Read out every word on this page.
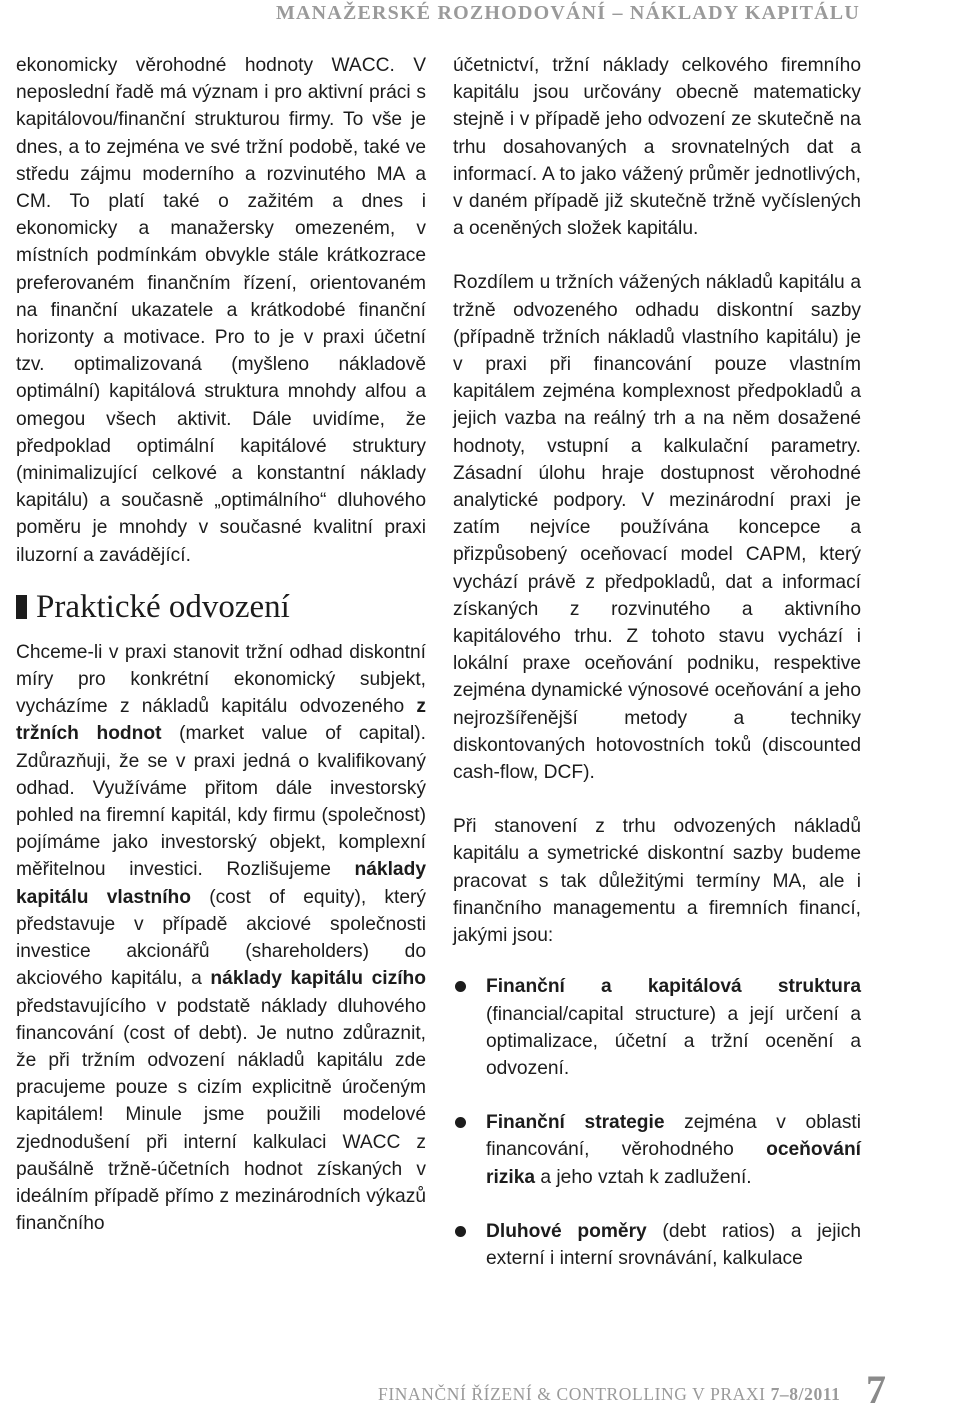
MANAŽERSKÉ ROZHODOVÁNÍ – NÁKLADY KAPITÁLU

ekonomicky věrohodné hodnoty WACC. V neposlední řadě má význam i pro aktivní práci s kapitálovou/finanční strukturou firmy. To vše je dnes, a to zejména ve své tržní podobě, také ve středu zájmu moderního a rozvinutého MA a CM. To platí také o zažitém a dnes i ekonomicky a manažersky omezeném, v místních podmínkám obvykle stále krátkozrace preferovaném finančním řízení, orientovaném na finanční ukazatele a krátkodobé finanční horizonty a motivace. Pro to je v praxi účetní tzv. optimalizovaná (myšleno nákladově optimální) kapitálová struktura mnohdy alfou a omegou všech aktivit. Dále uvidíme, že předpoklad optimální kapitálové struktury (minimalizující celkové a konstantní náklady kapitálu) a současně „optimálního“ dluhového poměru je mnohdy v současné kvalitní praxi iluzorní a zavádějící.

Praktické odvození

Chceme-li v praxi stanovit tržní odhad diskontní míry pro konkrétní ekonomický subjekt, vycházíme z nákladů kapitálu odvozeného z tržních hodnot (market value of capital). Zdůrazňuji, že se v praxi jedná o kvalifikovaný odhad. Využíváme přitom dále investorský pohled na firemní kapitál, kdy firmu (společnost) pojímáme jako investorský objekt, komplexní měřitelnou investici. Rozlišujeme náklady kapitálu vlastního (cost of equity), který představuje v případě akciové společnosti investice akcionářů (shareholders) do akciového kapitálu, a náklady kapitálu cizího představujícího v podstatě náklady dluhového financování (cost of debt). Je nutno zdůraznit, že při tržním odvození nákladů kapitálu zde pracujeme pouze s cizím explicitně úročeným kapitálem! Minule jsme použili modelové zjednodušení při interní kalkulaci WACC z paušálně tržně-účetních hodnot získaných v ideálním případě přímo z mezinárodních výkazů finančního

účetnictví, tržní náklady celkového firemního kapitálu jsou určovány obecně matematicky stejně i v případě jeho odvození ze skutečně na trhu dosahovaných a srovnatelných dat a informací. A to jako vážený průměr jednotlivých, v daném případě již skutečně tržně vyčíslených a oceněných složek kapitálu.

Rozdílem u tržních vážených nákladů kapitálu a tržně odvozeného odhadu diskontní sazby (případně tržních nákladů vlastního kapitálu) je v praxi při financování pouze vlastním kapitálem zejména komplexnost předpokladů a jejich vazba na reálný trh a na něm dosažené hodnoty, vstupní a kalkulační parametry. Zásadní úlohu hraje dostupnost věrohodné analytické podpory. V mezinárodní praxi je zatím nejvíce používána koncepce a přizpůsobený oceňovací model CAPM, který vychází právě z předpokladů, dat a informací získaných z rozvinutého a aktivního kapitálového trhu. Z tohoto stavu vychází i lokální praxe oceňování podniku, respektive zejména dynamické výnosové oceňování a jeho nejrozšířenější metody a techniky diskontovaných hotovostních toků (discounted cash-flow, DCF).

Při stanovení z trhu odvozených nákladů kapitálu a symetrické diskontní sazby budeme pracovat s tak důležitými termíny MA, ale i finančního managementu a firemních financí, jakými jsou:

Finanční a kapitálová struktura (financial/capital structure) a její určení a optimalizace, účetní a tržní ocenění a odvození.
Finanční strategie zejména v oblasti financování, věrohodného oceňování rizika a jeho vztah k zadlužení.
Dluhové poměry (debt ratios) a jejich externí i interní srovnávání, kalkulace
FINANČNÍ ŘÍZENÍ & CONTROLLING V PRAXI 7–8/2011 7
